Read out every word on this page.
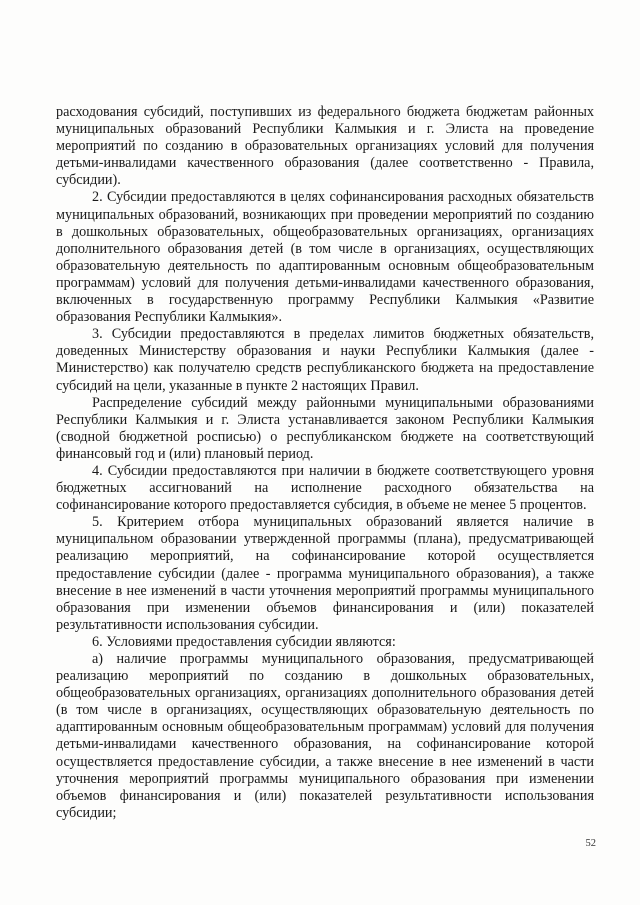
расходования субсидий, поступивших из федерального бюджета бюджетам районных муниципальных образований Республики Калмыкия и г. Элиста на проведение мероприятий по созданию в образовательных организациях условий для получения детьми-инвалидами качественного образования (далее соответственно - Правила, субсидии).

2. Субсидии предоставляются в целях софинансирования расходных обязательств муниципальных образований, возникающих при проведении мероприятий по созданию в дошкольных образовательных, общеобразовательных организациях, организациях дополнительного образования детей (в том числе в организациях, осуществляющих образовательную деятельность по адаптированным основным общеобразовательным программам) условий для получения детьми-инвалидами качественного образования, включенных в государственную программу Республики Калмыкия «Развитие образования Республики Калмыкия».

3. Субсидии предоставляются в пределах лимитов бюджетных обязательств, доведенных Министерству образования и науки Республики Калмыкия (далее - Министерство) как получателю средств республиканского бюджета на предоставление субсидий на цели, указанные в пункте 2 настоящих Правил.

Распределение субсидий между районными муниципальными образованиями Республики Калмыкия и г. Элиста устанавливается законом Республики Калмыкия (сводной бюджетной росписью) о республиканском бюджете на соответствующий финансовый год и (или) плановый период.

4. Субсидии предоставляются при наличии в бюджете соответствующего уровня бюджетных ассигнований на исполнение расходного обязательства на софинансирование которого предоставляется субсидия, в объеме не менее 5 процентов.

5. Критерием отбора муниципальных образований является наличие в муниципальном образовании утвержденной программы (плана), предусматривающей реализацию мероприятий, на софинансирование которой осуществляется предоставление субсидии (далее - программа муниципального образования), а также внесение в нее изменений в части уточнения мероприятий программы муниципального образования при изменении объемов финансирования и (или) показателей результативности использования субсидии.

6. Условиями предоставления субсидии являются:

а) наличие программы муниципального образования, предусматривающей реализацию мероприятий по созданию в дошкольных образовательных, общеобразовательных организациях, организациях дополнительного образования детей (в том числе в организациях, осуществляющих образовательную деятельность по адаптированным основным общеобразовательным программам) условий для получения детьми-инвалидами качественного образования, на софинансирование которой осуществляется предоставление субсидии, а также внесение в нее изменений в части уточнения мероприятий программы муниципального образования при изменении объемов финансирования и (или) показателей результативности использования субсидии;

52
